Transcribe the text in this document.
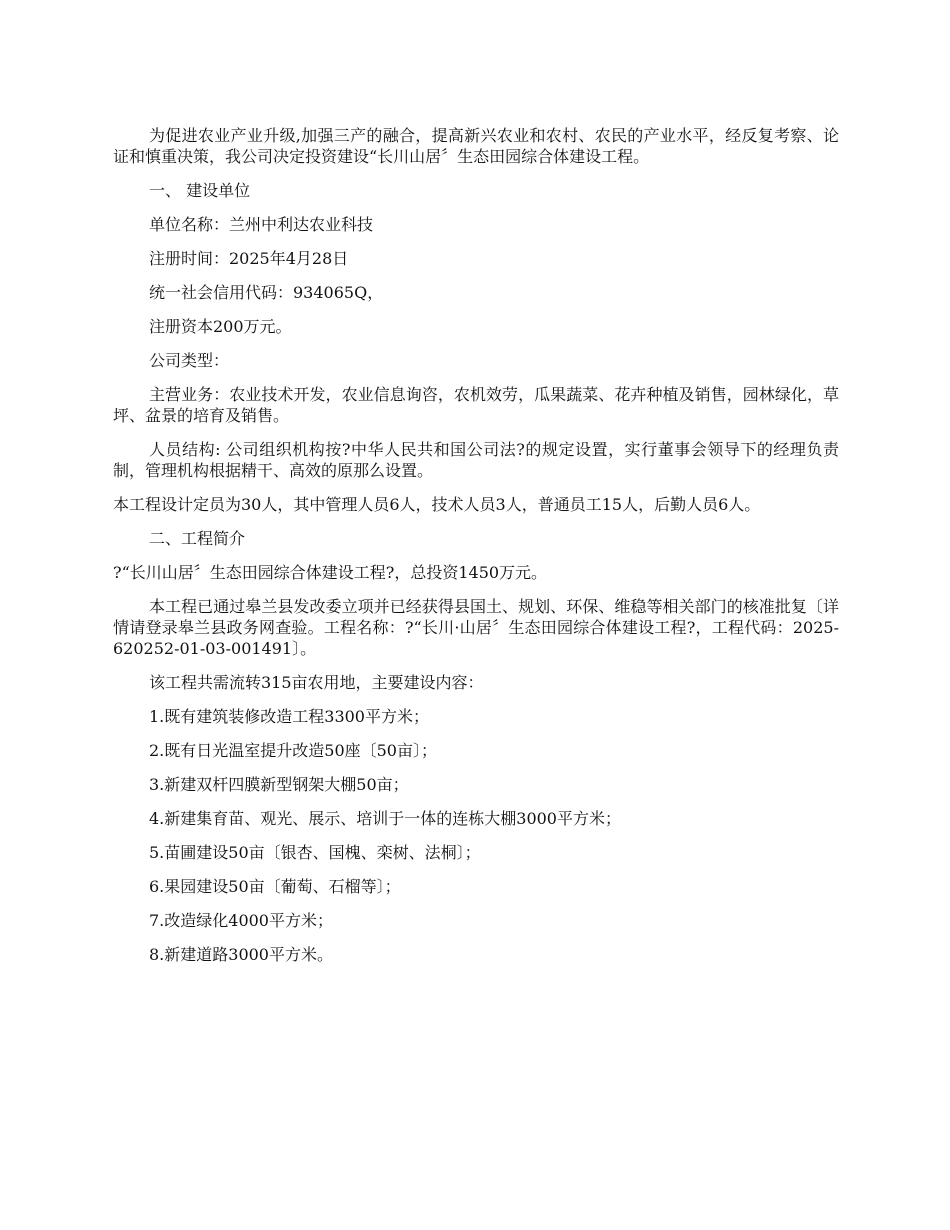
为促进农业产业升级,加强三产的融合，提高新兴农业和农村、农民的产业水平，经反复考察、论证和慎重决策，我公司决定投资建设“长川山居〞生态田园综合体建设工程。

一、 建设单位

单位名称：兰州中利达农业科技

注册时间：2025年4月28日

统一社会信用代码：934065Q，

注册资本200万元。

公司类型：

主营业务：农业技术开发，农业信息询咨，农机效劳，瓜果蔬菜、花卉种植及销售，园林绿化，草坪、盆景的培育及销售。

人员结构: 公司组织机构按?中华人民共和国公司法?的规定设置，实行董事会领导下的经理负责制，管理机构根据精干、高效的原那么设置。

本工程设计定员为30人，其中管理人员6人，技术人员3人，普通员工15人，后勤人员6人。

二、工程简介

?“长川山居〞生态田园综合体建设工程?，总投资1450万元。

本工程已通过皋兰县发改委立项并已经获得县国土、规划、环保、维稳等相关部门的核准批复〔详情请登录皋兰县政务网查验。工程名称：?“长川·山居〞生态田园综合体建设工程?，工程代码：2025-620252-01-03-001491〕。

该工程共需流转315亩农用地，主要建设内容：

1.既有建筑装修改造工程3300平方米；

2.既有日光温室提升改造50座〔50亩〕；

3.新建双杆四膜新型钢架大棚50亩；

4.新建集育苗、观光、展示、培训于一体的连栋大棚3000平方米；

5.苗圃建设50亩〔银杏、国槐、栾树、法桐〕；

6.果园建设50亩〔葡萄、石榴等〕；

7.改造绿化4000平方米；

8.新建道路3000平方米。
